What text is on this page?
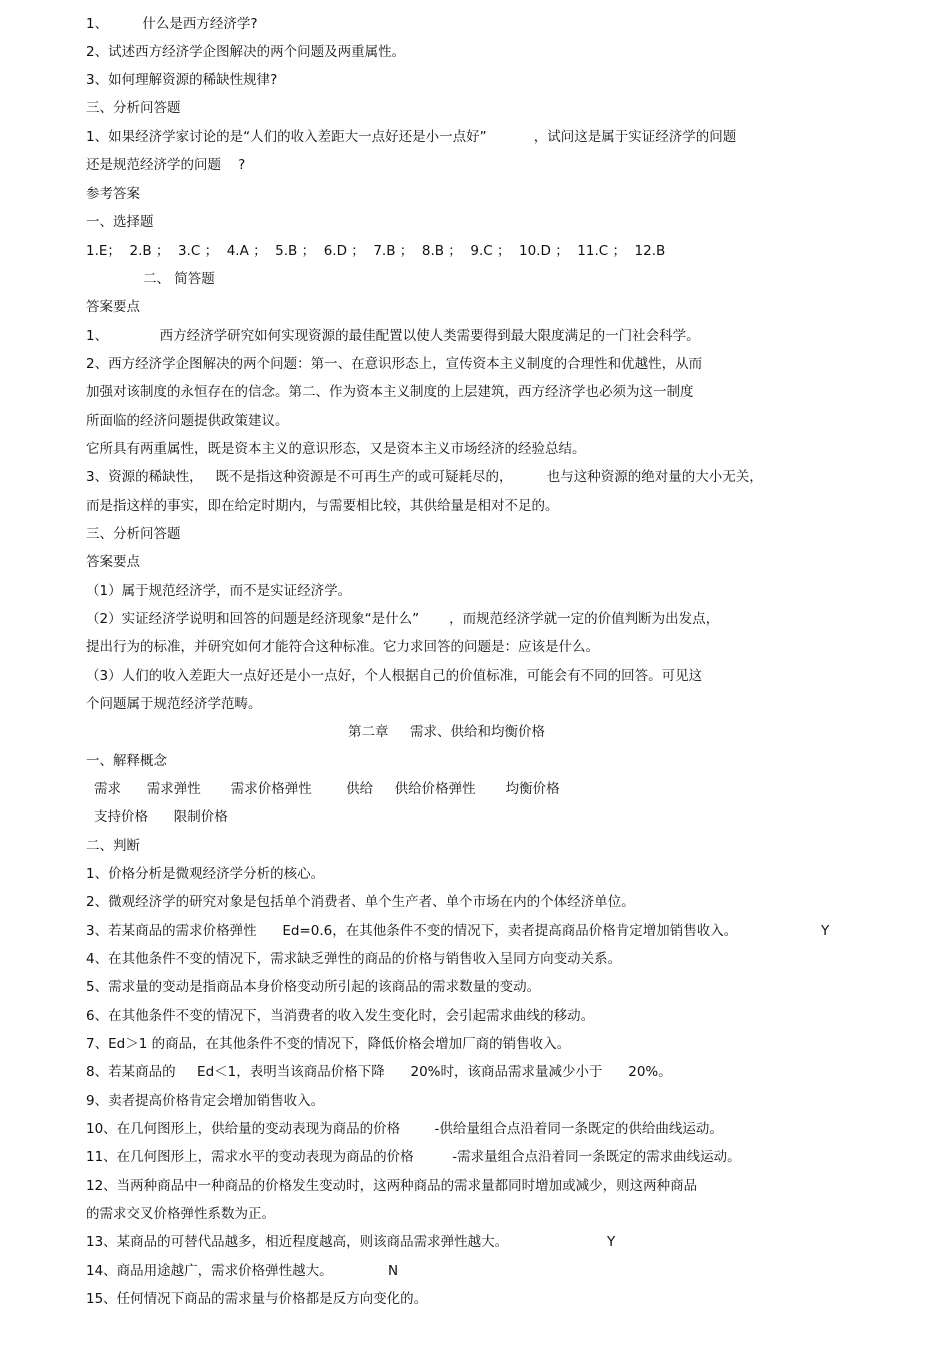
1、        什么是西方经济学?
2、试述西方经济学企图解决的两个问题及两重属性。
3、如何理解资源的稀缺性规律?
三、分析问答题
1、如果经济学家讨论的是“人们的收入差距大一点好还是小一点好”           ，试问这是属于实证经济学的问题
还是规范经济学的问题    ?
参考答案
一、选择题
1.E；  2.B ；  3.C ；  4.A ；  5.B ；  6.D ；  7.B ；  8.B ；  9.C ；  10.D ；  11.C ；  12.B
二、 简答题
答案要点
1、            西方经济学研究如何实现资源的最佳配置以使人类需要得到最大限度满足的一门社会科学。
2、西方经济学企图解决的两个问题：第一、在意识形态上，宣传资本主义制度的合理性和优越性，从而
加强对该制度的永恒存在的信念。第二、作为资本主义制度的上层建筑，西方经济学也必须为这一制度
所面临的经济问题提供政策建议。
它所具有两重属性，既是资本主义的意识形态，又是资本主义市场经济的经验总结。
3、资源的稀缺性，   既不是指这种资源是不可再生产的或可疑耗尽的，        也与这种资源的绝对量的大小无关，
而是指这样的事实，即在给定时期内，与需要相比较，其供给量是相对不足的。
三、分析问答题
答案要点
（1）属于规范经济学，而不是实证经济学。
（2）实证经济学说明和回答的问题是经济现象“是什么”       ，而规范经济学就一定的价值判断为出发点，
提出行为的标准，并研究如何才能符合这种标准。它力求回答的问题是：应该是什么。
（3）人们的收入差距大一点好还是小一点好，个人根据自己的价值标准，可能会有不同的回答。可见这
个问题属于规范经济学范畴。
第二章     需求、供给和均衡价格
一、解释概念
需求      需求弹性       需求价格弹性        供给     供给价格弹性       均衡价格
支持价格      限制价格
二、判断
1、价格分析是微观经济学分析的核心。
2、微观经济学的研究对象是包括单个消费者、单个生产者、单个市场在内的个体经济单位。
3、若某商品的需求价格弹性      Ed=0.6，在其他条件不变的情况下，卖者提高商品价格肯定增加销售收入。	Y
4、在其他条件不变的情况下，需求缺乏弹性的商品的价格与销售收入呈同方向变动关系。
5、需求量的变动是指商品本身价格变动所引起的该商品的需求数量的变动。
6、在其他条件不变的情况下，当消费者的收入发生变化时，会引起需求曲线的移动。
7、Ed＞1 的商品，在其他条件不变的情况下，降低价格会增加厂商的销售收入。
8、若某商品的     Ed＜1，表明当该商品价格下降      20%时，该商品需求量减少小于      20%。
9、卖者提高价格肯定会增加销售收入。
10、在几何图形上，供给量的变动表现为商品的价格        -供给量组合点沿着同一条既定的供给曲线运动。
11、在几何图形上，需求水平的变动表现为商品的价格         -需求量组合点沿着同一条既定的需求曲线运动。
12、当两种商品中一种商品的价格发生变动时，这两种商品的需求量都同时增加或减少，则这两种商品
的需求交叉价格弹性系数为正。
13、某商品的可替代品越多，相近程度越高，则该商品需求弹性越大。	Y
14、商品用途越广，需求价格弹性越大。	N
15、任何情况下商品的需求量与价格都是反方向变化的。
